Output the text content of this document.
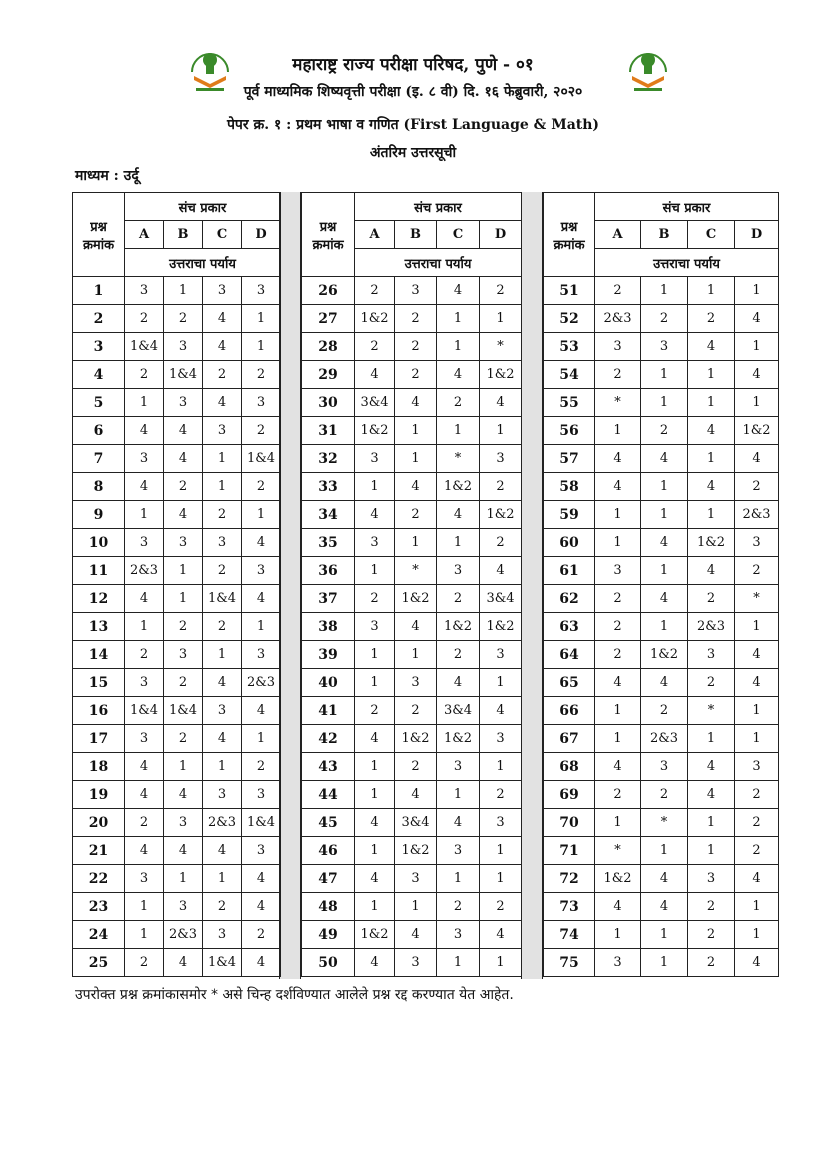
महाराष्ट्र राज्य परीक्षा परिषद, पुणे - ०१
पूर्व माध्यमिक शिष्यवृत्ती परीक्षा (इ. ८ वी) दि. १६ फेब्रुवारी, २०२०
पेपर क्र. १ : प्रथम भाषा व गणित (First Language & Math)
अंतरिम उत्तरसूची
माध्यम : उर्दू
प्रश्न
क्रमांक	संच प्रकार			
	A	B	C	D
	उत्तराचा पर्याय			
1	3	1	3	3
2	2	2	4	1
3	1&4	3	4	1
4	2	1&4	2	2
5	1	3	4	3
6	4	4	3	2
7	3	4	1	1&4
8	4	2	1	2
9	1	4	2	1
10	3	3	3	4
11	2&3	1	2	3
12	4	1	1&4	4
13	1	2	2	1
14	2	3	1	3
15	3	2	4	2&3
16	1&4	1&4	3	4
17	3	2	4	1
18	4	1	1	2
19	4	4	3	3
20	2	3	2&3	1&4
21	4	4	4	3
22	3	1	1	4
23	1	3	2	4
24	1	2&3	3	2
25	2	4	1&4	4
प्रश्न
क्रमांक	संच प्रकार			
	A	B	C	D
	उत्तराचा पर्याय			
26	2	3	4	2
27	1&2	2	1	1
28	2	2	1	*
29	4	2	4	1&2
30	3&4	4	2	4
31	1&2	1	1	1
32	3	1	*	3
33	1	4	1&2	2
34	4	2	4	1&2
35	3	1	1	2
36	1	*	3	4
37	2	1&2	2	3&4
38	3	4	1&2	1&2
39	1	1	2	3
40	1	3	4	1
41	2	2	3&4	4
42	4	1&2	1&2	3
43	1	2	3	1
44	1	4	1	2
45	4	3&4	4	3
46	1	1&2	3	1
47	4	3	1	1
48	1	1	2	2
49	1&2	4	3	4
50	4	3	1	1
प्रश्न
क्रमांक	संच प्रकार			
	A	B	C	D
	उत्तराचा पर्याय			
51	2	1	1	1
52	2&3	2	2	4
53	3	3	4	1
54	2	1	1	4
55	*	1	1	1
56	1	2	4	1&2
57	4	4	1	4
58	4	1	4	2
59	1	1	1	2&3
60	1	4	1&2	3
61	3	1	4	2
62	2	4	2	*
63	2	1	2&3	1
64	2	1&2	3	4
65	4	4	2	4
66	1	2	*	1
67	1	2&3	1	1
68	4	3	4	3
69	2	2	4	2
70	1	*	1	2
71	*	1	1	2
72	1&2	4	3	4
73	4	4	2	1
74	1	1	2	1
75	3	1	2	4
उपरोक्त प्रश्न क्रमांकासमोर * असे चिन्ह दर्शविण्यात आलेले प्रश्न रद्द करण्यात येत आहेत.
